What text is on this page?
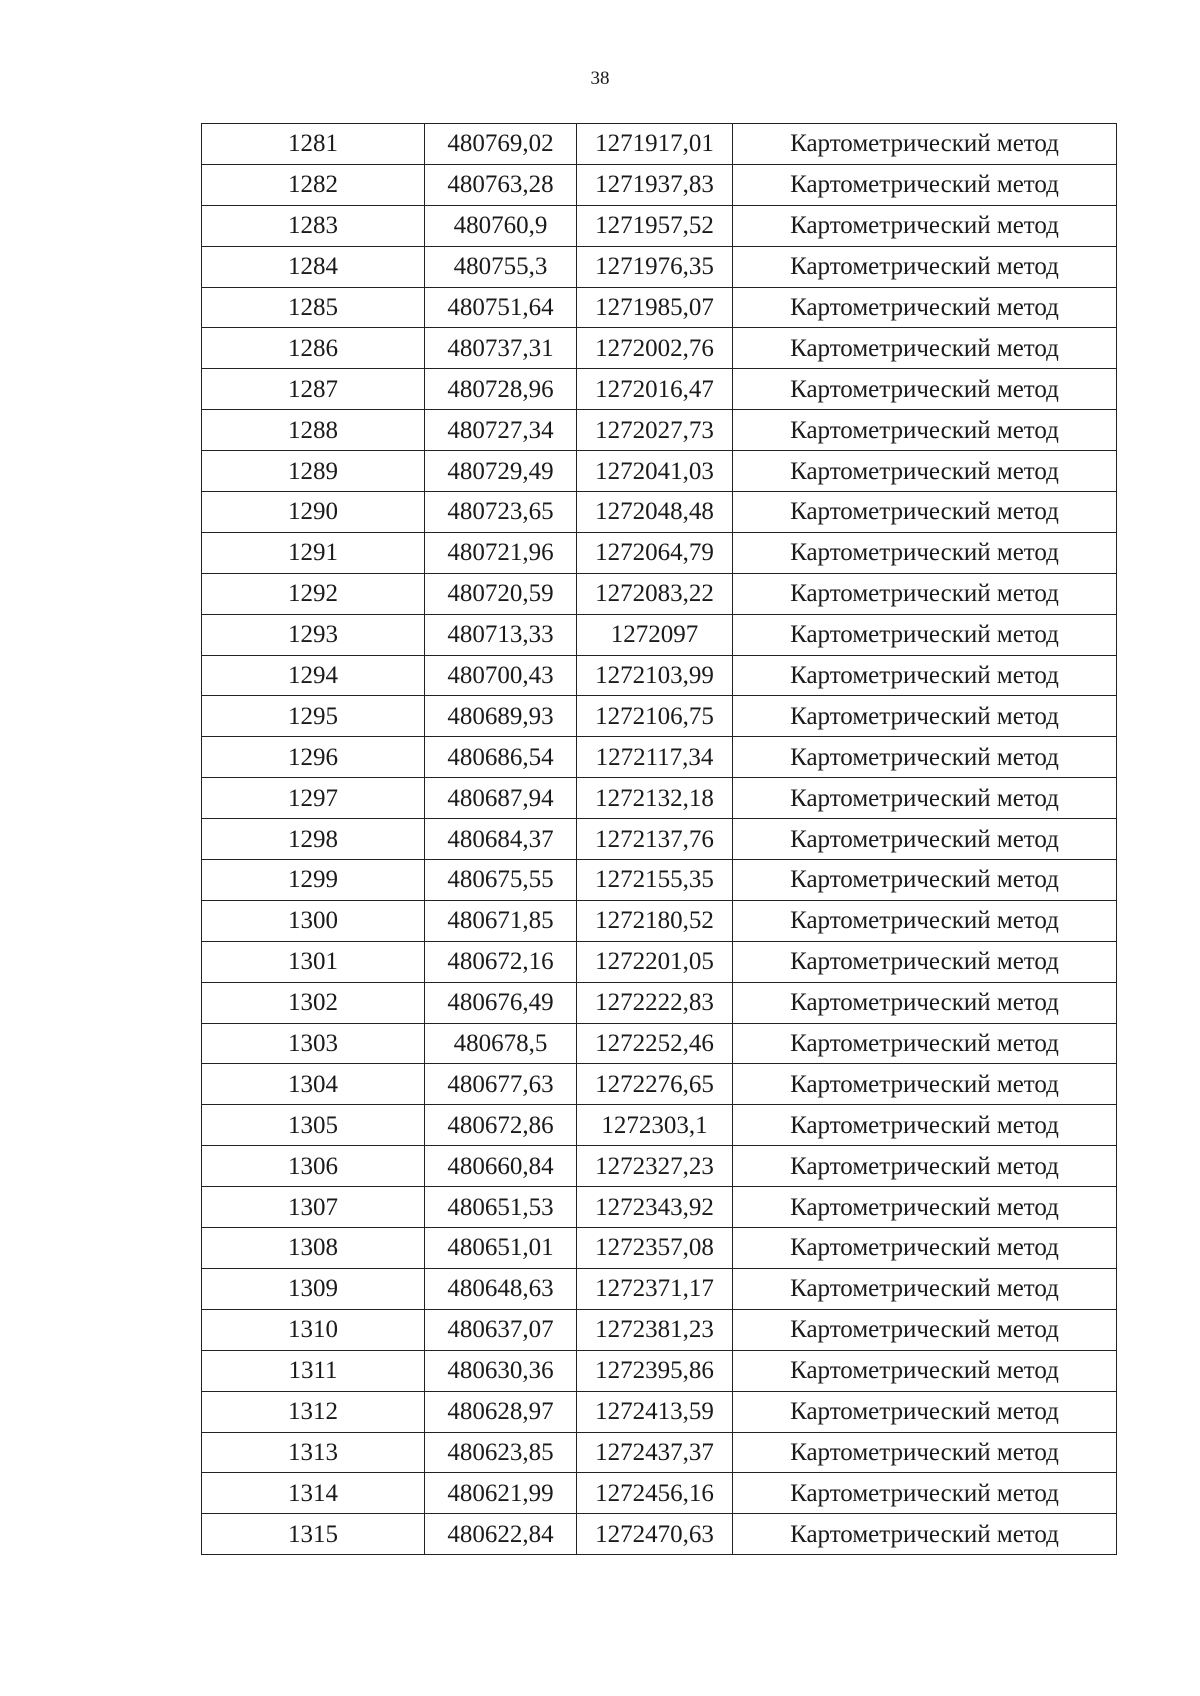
38
1281	480769,02	1271917,01	Картометрический метод
1282	480763,28	1271937,83	Картометрический метод
1283	480760,9	1271957,52	Картометрический метод
1284	480755,3	1271976,35	Картометрический метод
1285	480751,64	1271985,07	Картометрический метод
1286	480737,31	1272002,76	Картометрический метод
1287	480728,96	1272016,47	Картометрический метод
1288	480727,34	1272027,73	Картометрический метод
1289	480729,49	1272041,03	Картометрический метод
1290	480723,65	1272048,48	Картометрический метод
1291	480721,96	1272064,79	Картометрический метод
1292	480720,59	1272083,22	Картометрический метод
1293	480713,33	1272097	Картометрический метод
1294	480700,43	1272103,99	Картометрический метод
1295	480689,93	1272106,75	Картометрический метод
1296	480686,54	1272117,34	Картометрический метод
1297	480687,94	1272132,18	Картометрический метод
1298	480684,37	1272137,76	Картометрический метод
1299	480675,55	1272155,35	Картометрический метод
1300	480671,85	1272180,52	Картометрический метод
1301	480672,16	1272201,05	Картометрический метод
1302	480676,49	1272222,83	Картометрический метод
1303	480678,5	1272252,46	Картометрический метод
1304	480677,63	1272276,65	Картометрический метод
1305	480672,86	1272303,1	Картометрический метод
1306	480660,84	1272327,23	Картометрический метод
1307	480651,53	1272343,92	Картометрический метод
1308	480651,01	1272357,08	Картометрический метод
1309	480648,63	1272371,17	Картометрический метод
1310	480637,07	1272381,23	Картометрический метод
1311	480630,36	1272395,86	Картометрический метод
1312	480628,97	1272413,59	Картометрический метод
1313	480623,85	1272437,37	Картометрический метод
1314	480621,99	1272456,16	Картометрический метод
1315	480622,84	1272470,63	Картометрический метод
